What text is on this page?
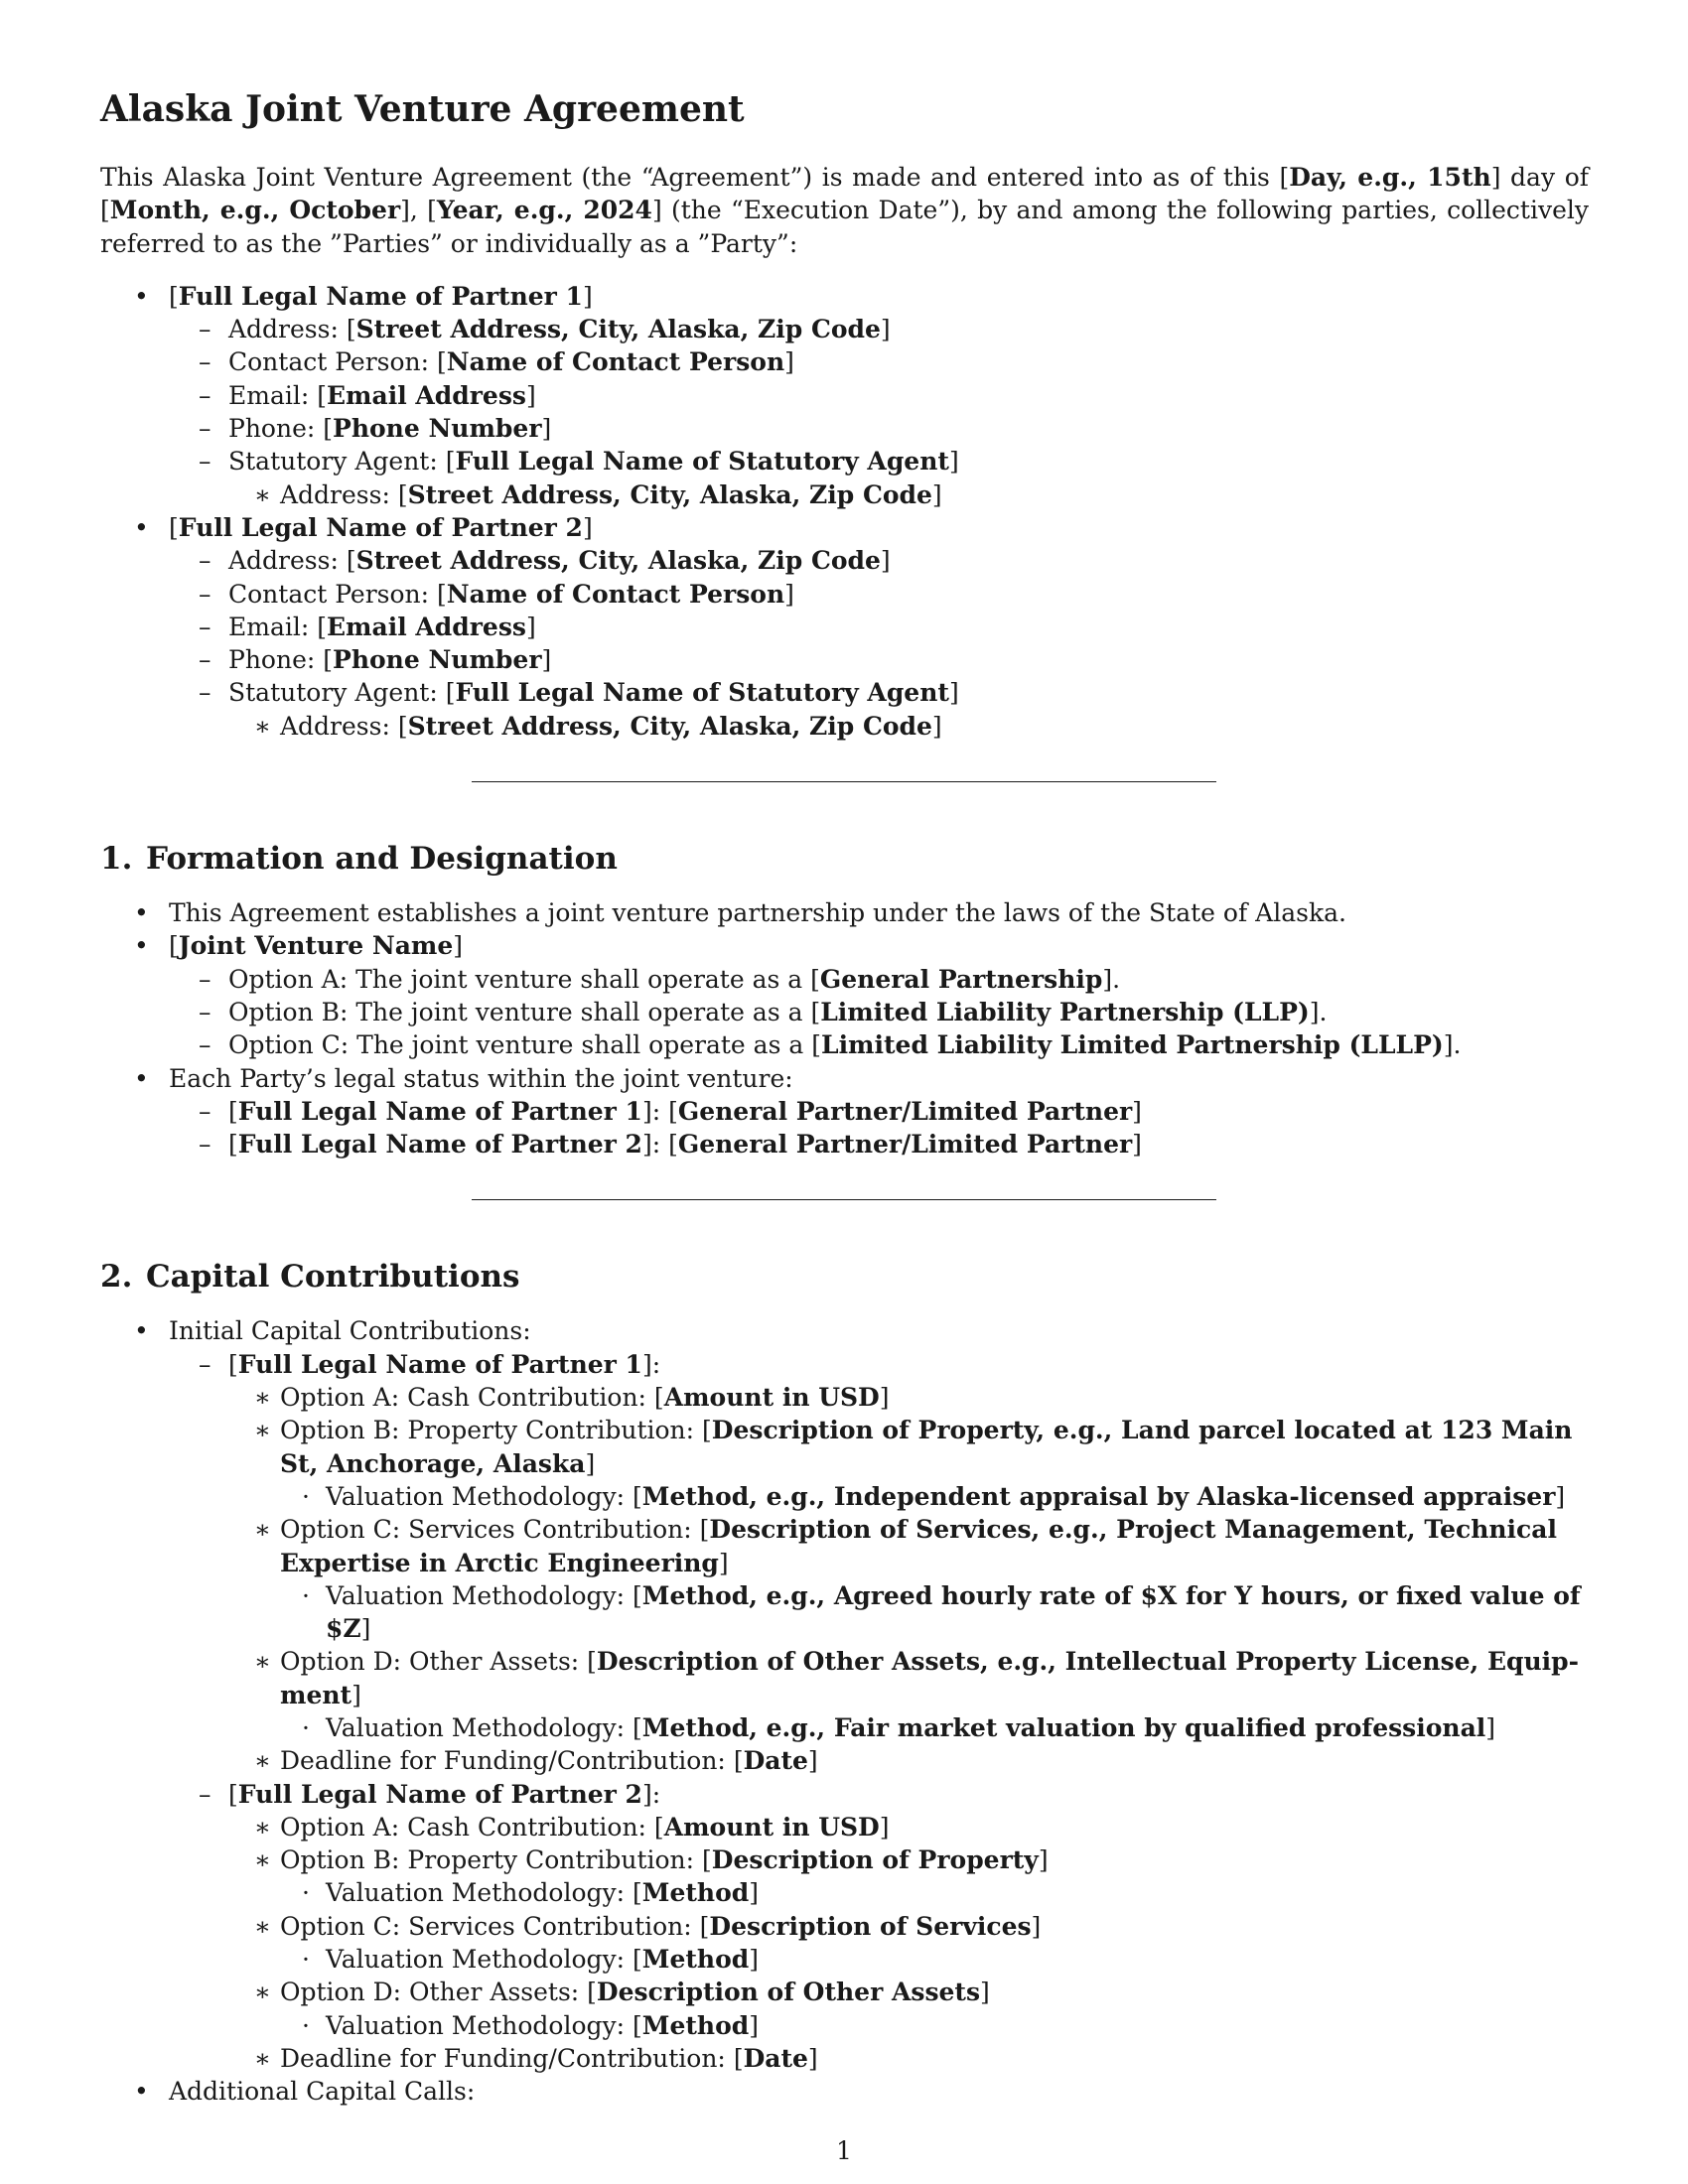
Alaska Joint Venture Agreement

This Alaska Joint Venture Agreement (the “Agreement”) is made and entered into as of this [Day, e.g., 15th] day of [Month, e.g., October], [Year, e.g., 2024] (the “Execution Date”), by and among the following parties, collectively referred to as the ”Parties” or individually as a ”Party”:

• [Full Legal Name of Partner 1]
– Address: [Street Address, City, Alaska, Zip Code]
– Contact Person: [Name of Contact Person]
– Email: [Email Address]
– Phone: [Phone Number]
– Statutory Agent: [Full Legal Name of Statutory Agent]
∗ Address: [Street Address, City, Alaska, Zip Code]
• [Full Legal Name of Partner 2]
– Address: [Street Address, City, Alaska, Zip Code]
– Contact Person: [Name of Contact Person]
– Email: [Email Address]
– Phone: [Phone Number]
– Statutory Agent: [Full Legal Name of Statutory Agent]
∗ Address: [Street Address, City, Alaska, Zip Code]
1. Formation and Designation
• This Agreement establishes a joint venture partnership under the laws of the State of Alaska.
• [Joint Venture Name]
– Option A: The joint venture shall operate as a [General Partnership].
– Option B: The joint venture shall operate as a [Limited Liability Partnership (LLP)].
– Option C: The joint venture shall operate as a [Limited Liability Limited Partnership (LLLP)].
• Each Party’s legal status within the joint venture:
– [Full Legal Name of Partner 1]: [General Partner/Limited Partner]
– [Full Legal Name of Partner 2]: [General Partner/Limited Partner]
2. Capital Contributions
• Initial Capital Contributions:
– [Full Legal Name of Partner 1]:
∗ Option A: Cash Contribution: [Amount in USD]
∗ Option B: Property Contribution: [Description of Property, e.g., Land parcel located at 123 Main St, Anchorage, Alaska]
· Valuation Methodology: [Method, e.g., Independent appraisal by Alaska-licensed appraiser]
∗ Option C: Services Contribution: [Description of Services, e.g., Project Management, Technical Expertise in Arctic Engineering]
· Valuation Methodology: [Method, e.g., Agreed hourly rate of $X for Y hours, or fixed value of $Z]
∗ Option D: Other Assets: [Description of Other Assets, e.g., Intellectual Property License, Equip-ment]
· Valuation Methodology: [Method, e.g., Fair market valuation by qualified professional]
∗ Deadline for Funding/Contribution: [Date]
– [Full Legal Name of Partner 2]:
∗ Option A: Cash Contribution: [Amount in USD]
∗ Option B: Property Contribution: [Description of Property]
· Valuation Methodology: [Method]
∗ Option C: Services Contribution: [Description of Services]
· Valuation Methodology: [Method]
∗ Option D: Other Assets: [Description of Other Assets]
· Valuation Methodology: [Method]
∗ Deadline for Funding/Contribution: [Date]
• Additional Capital Calls:
1
